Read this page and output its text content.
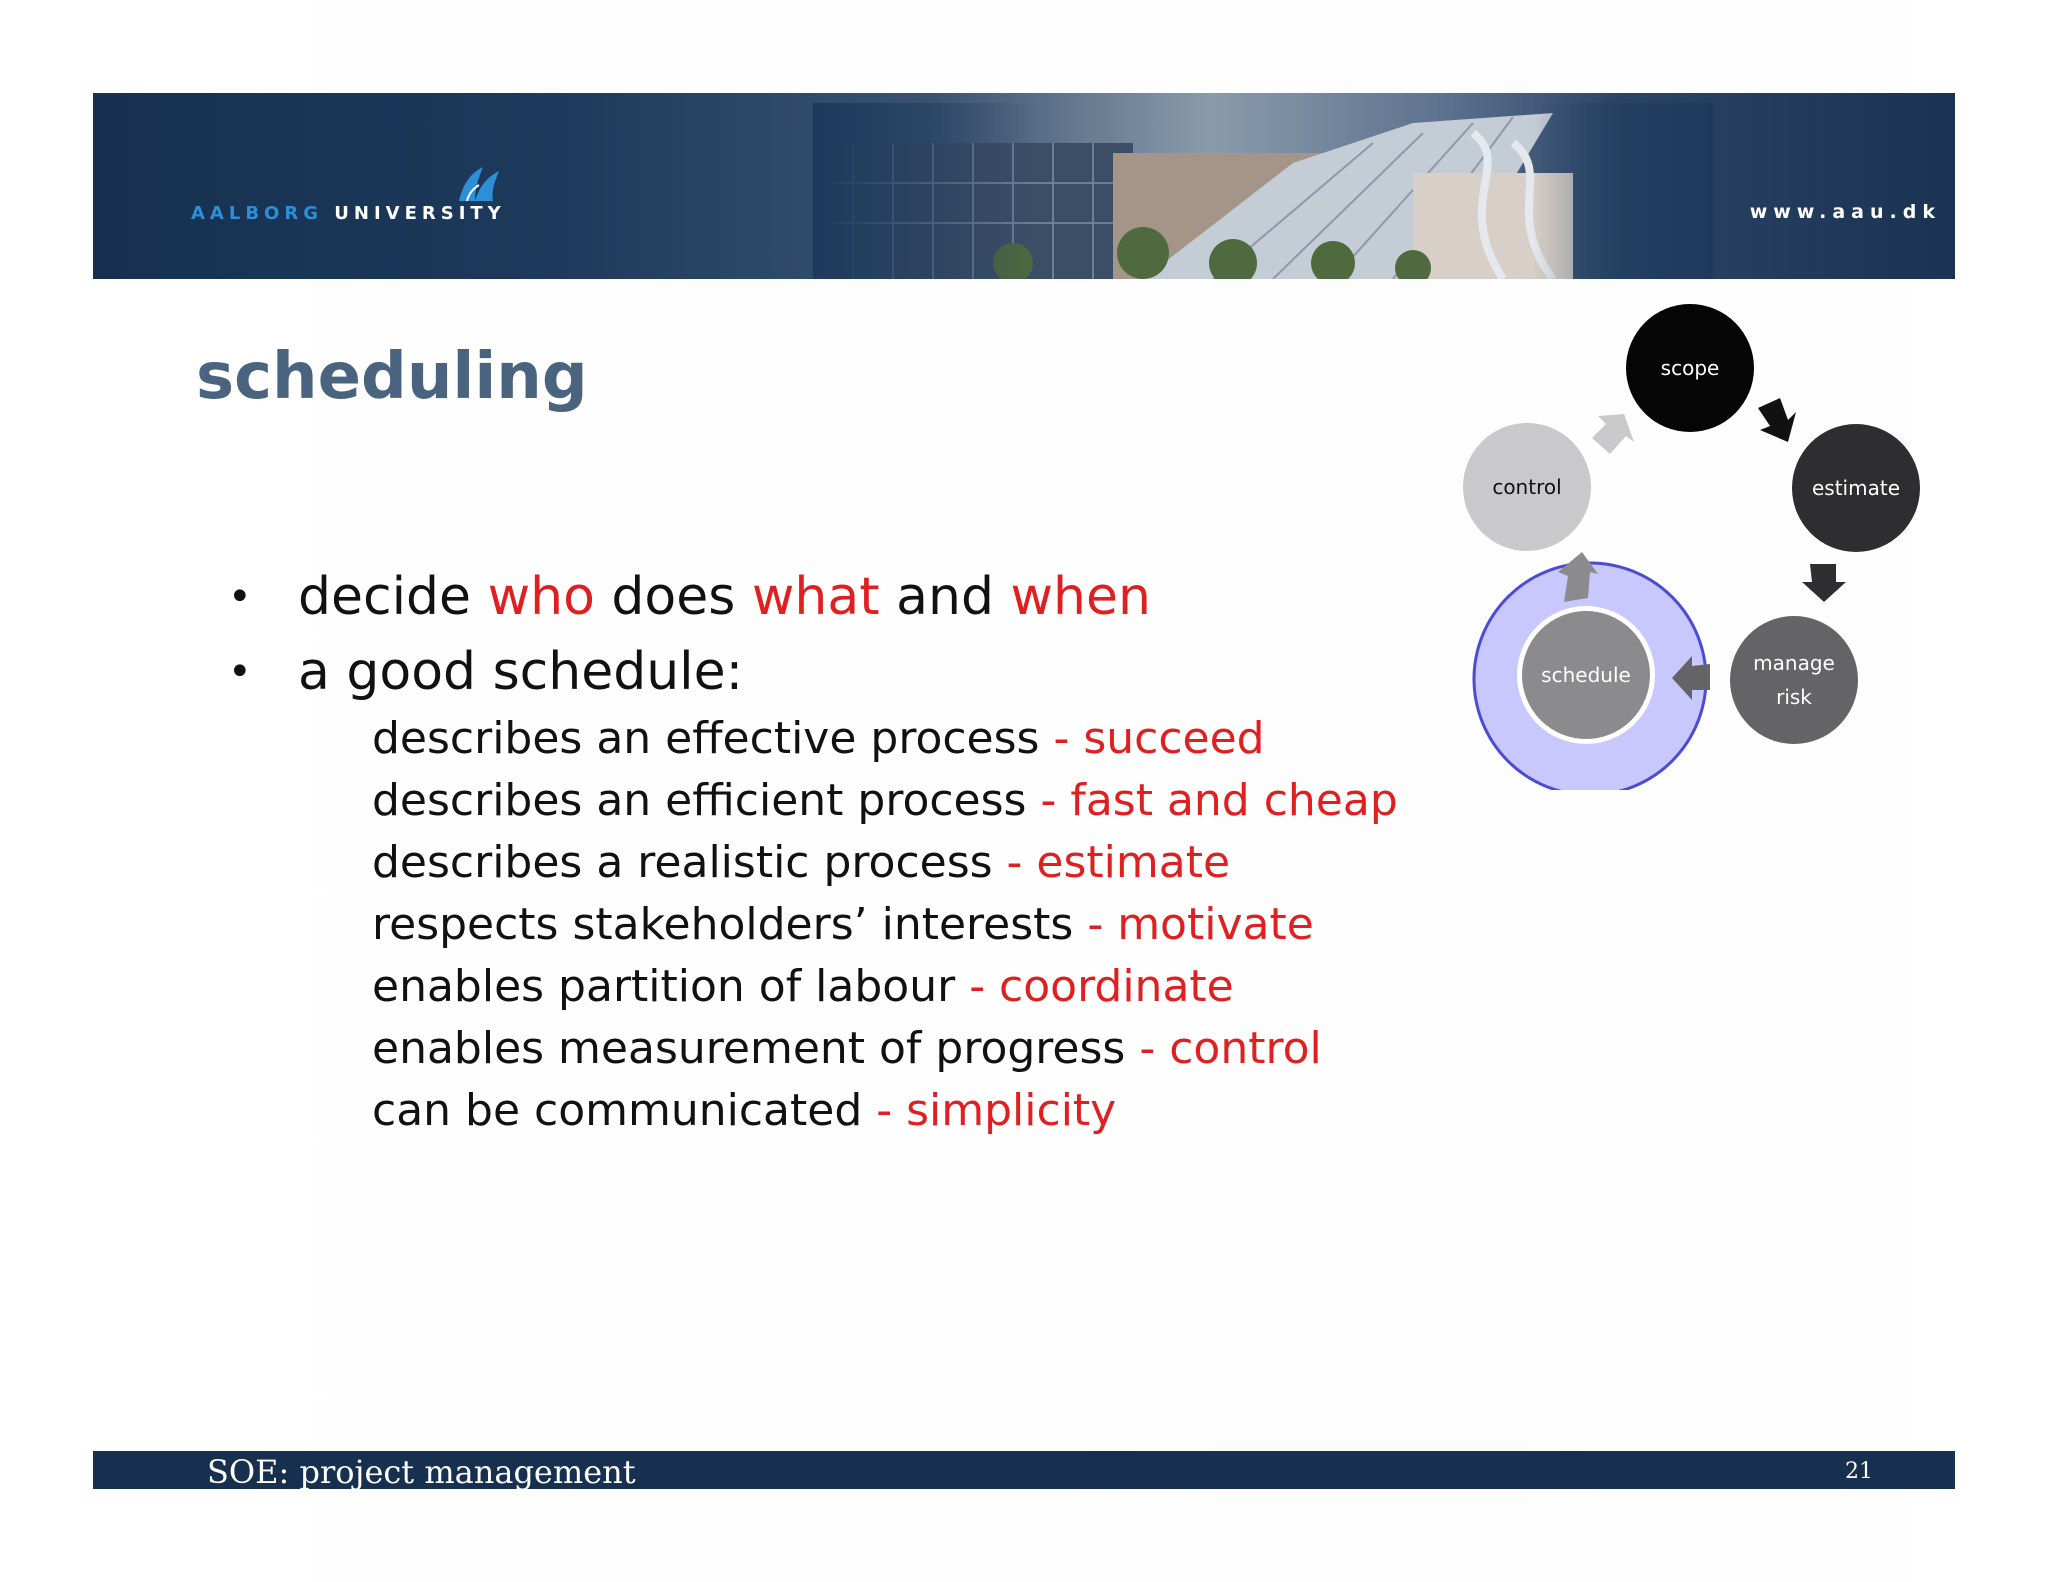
AALBORG UNIVERSITY	www.aau.dk
scheduling
• decide who does what and when
• a good schedule:
describes an effective process - succeed
describes an efficient process - fast and cheap
describes a realistic process - estimate
respects stakeholders’ interests - motivate
enables partition of labour - coordinate
enables measurement of progress - control
can be communicated - simplicity
scope
estimate
manage
risk
schedule
control
SOE: project management	21
